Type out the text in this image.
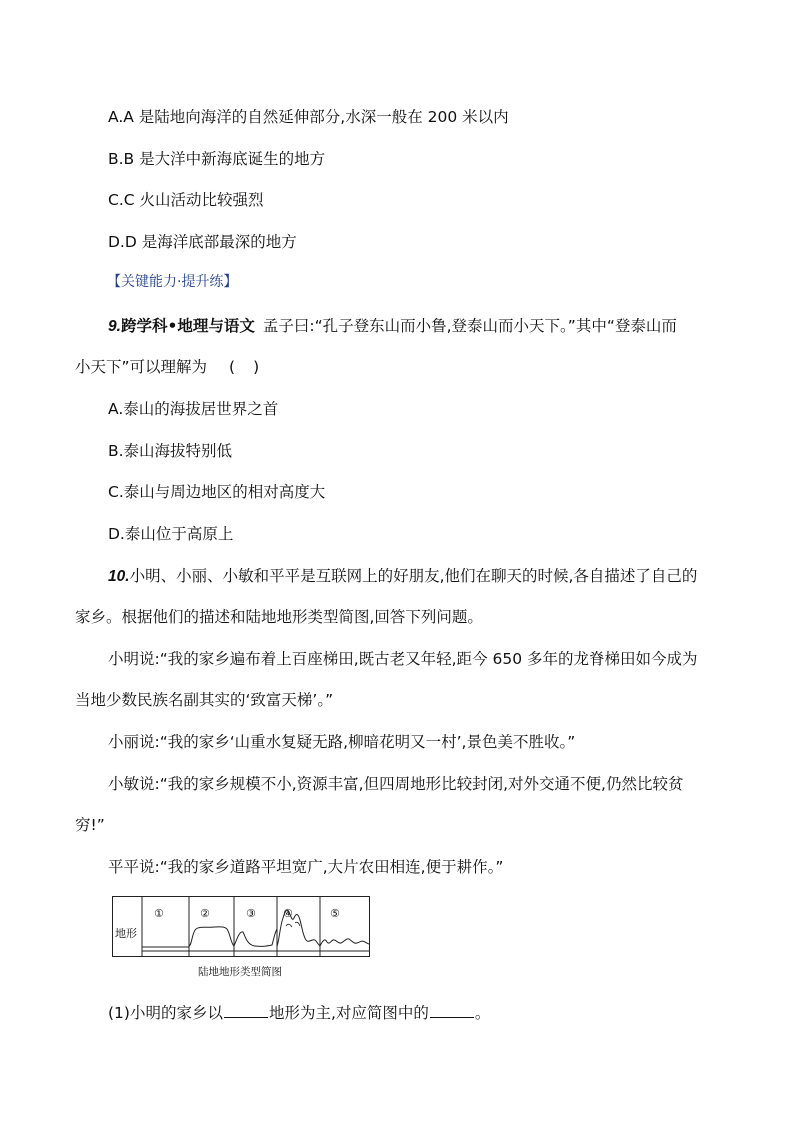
A.A 是陆地向海洋的自然延伸部分,水深一般在 200 米以内
B.B 是大洋中新海底诞生的地方
C.C 火山活动比较强烈
D.D 是海洋底部最深的地方
【关键能力·提升练】
9.跨学科•地理与语文 孟子曰:“孔子登东山而小鲁,登泰山而小天下。”其中“登泰山而
小天下”可以理解为 ()
A.泰山的海拔居世界之首
B.泰山海拔特别低
C.泰山与周边地区的相对高度大
D.泰山位于高原上
10.小明、小丽、小敏和平平是互联网上的好朋友,他们在聊天的时候,各自描述了自己的
家乡。根据他们的描述和陆地地形类型简图,回答下列问题。
小明说:“我的家乡遍布着上百座梯田,既古老又年轻,距今 650 多年的龙脊梯田如今成为
当地少数民族名副其实的‘致富天梯’。”
小丽说:“我的家乡‘山重水复疑无路,柳暗花明又一村’,景色美不胜收。”
小敏说:“我的家乡规模不小,资源丰富,但四周地形比较封闭,对外交通不便,仍然比较贫
穷!”
平平说:“我的家乡道路平坦宽广,大片农田相连,便于耕作。”
地形
①	②	③ ④	⑤
陆地地形类型简图
(1)小明的家乡以	地形为主,对应简图中的	。
